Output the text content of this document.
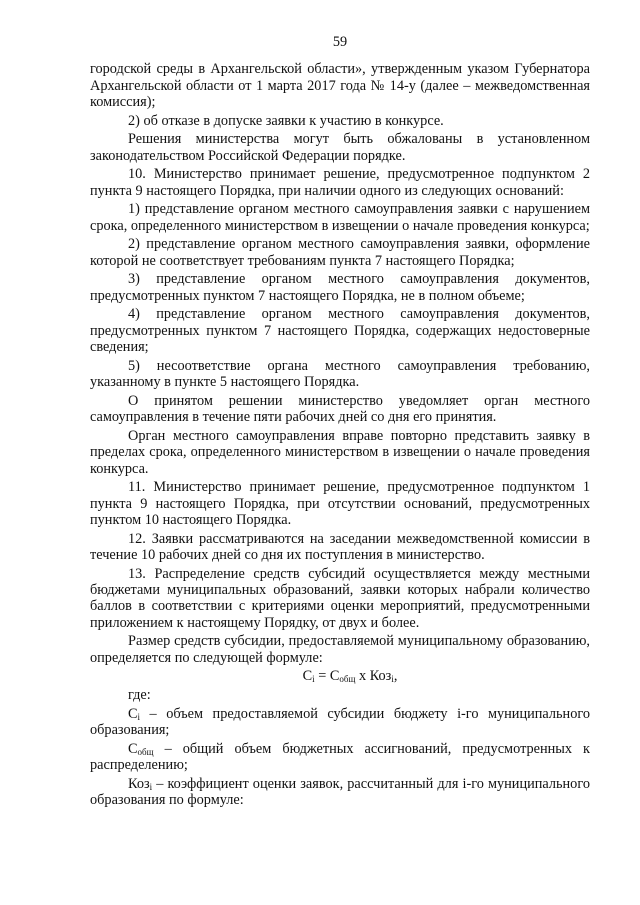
59
городской среды в Архангельской области», утвержденным указом Губернатора Архангельской области от 1 марта 2017 года № 14-у (далее – межведомственная комиссия);
2) об отказе в допуске заявки к участию в конкурсе.
Решения министерства могут быть обжалованы в установленном законодательством Российской Федерации порядке.
10. Министерство принимает решение, предусмотренное подпунктом 2 пункта 9 настоящего Порядка, при наличии одного из следующих оснований:
1) представление органом местного самоуправления заявки с нарушением срока, определенного министерством в извещении о начале проведения конкурса;
2) представление органом местного самоуправления заявки, оформление которой не соответствует требованиям пункта 7 настоящего Порядка;
3) представление органом местного самоуправления документов, предусмотренных пунктом 7 настоящего Порядка, не в полном объеме;
4) представление органом местного самоуправления документов, предусмотренных пунктом 7 настоящего Порядка, содержащих недостоверные сведения;
5) несоответствие органа местного самоуправления требованию, указанному в пункте 5 настоящего Порядка.
О принятом решении министерство уведомляет орган местного самоуправления в течение пяти рабочих дней со дня его принятия.
Орган местного самоуправления вправе повторно представить заявку в пределах срока, определенного министерством в извещении о начале проведения конкурса.
11. Министерство принимает решение, предусмотренное подпунктом 1 пункта 9 настоящего Порядка, при отсутствии оснований, предусмотренных пунктом 10 настоящего Порядка.
12. Заявки рассматриваются на заседании межведомственной комиссии в течение 10 рабочих дней со дня их поступления в министерство.
13. Распределение средств субсидий осуществляется между местными бюджетами муниципальных образований, заявки которых набрали количество баллов в соответствии с критериями оценки мероприятий, предусмотренными приложением к настоящему Порядку, от двух и более.
Размер средств субсидии, предоставляемой муниципальному образованию, определяется по следующей формуле:
$С_i = С_{общ}$ х Коз$_i$,
где:
$С_i$ – объем предоставляемой субсидии бюджету i-го муниципального образования;
$С_{общ}$ – общий объем бюджетных ассигнований, предусмотренных к распределению;
Коз$_i$ – коэффициент оценки заявок, рассчитанный для i-го муниципального образования по формуле:
